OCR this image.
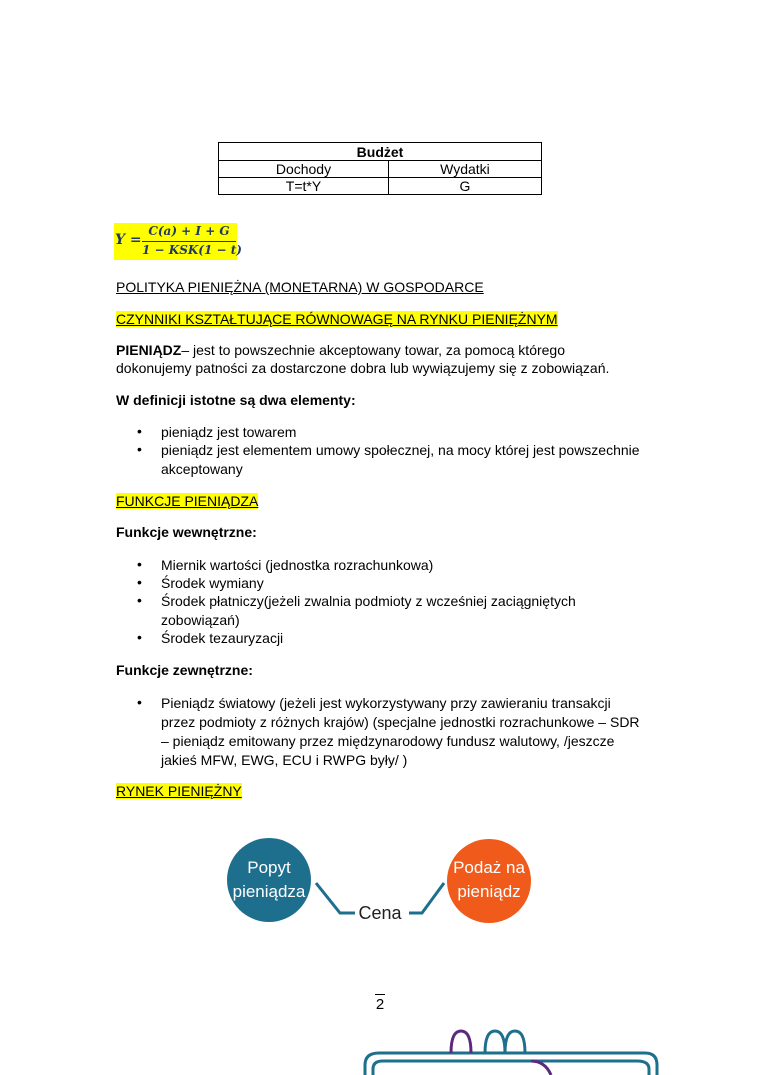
Budżet	
Dochody	Wydatki
T=t*Y	G
Y =
C(a) + I + G
1 − KSK(1 − t)
POLITYKA PIENIĘŻNA (MONETARNA) W GOSPODARCE
CZYNNIKI KSZTAŁTUJĄCE RÓWNOWAGĘ NA RYNKU PIENIĘŻNYM
PIENIĄDZ– jest to powszechnie akceptowany towar, za pomocą którego
dokonujemy patności za dostarczone dobra lub wywiązujemy się z zobowiązań.
W definicji istotne są dwa elementy:
• pieniądz jest towarem
• pieniądz jest elementem umowy społecznej, na mocy której jest powszechnie
akceptowany
FUNKCJE PIENIĄDZA
Funkcje wewnętrzne:
• Miernik wartości (jednostka rozrachunkowa)
• Środek wymiany
• Środek płatniczy(jeżeli zwalnia podmioty z wcześniej zaciągniętych
zobowiązań)
• Środek tezauryzacji
Funkcje zewnętrzne:
• Pieniądz światowy (jeżeli jest wykorzystywany przy zawieraniu transakcji
przez podmioty z różnych krajów) (specjalne jednostki rozrachunkowe – SDR
– pieniądz emitowany przez międzynarodowy fundusz walutowy, /jeszcze
jakieś MFW, EWG, ECU i RWPG były/ )
RYNEK PIENIĘŻNY
Popyt
pieniądza
Cena
Podaż na
pieniądz
2
